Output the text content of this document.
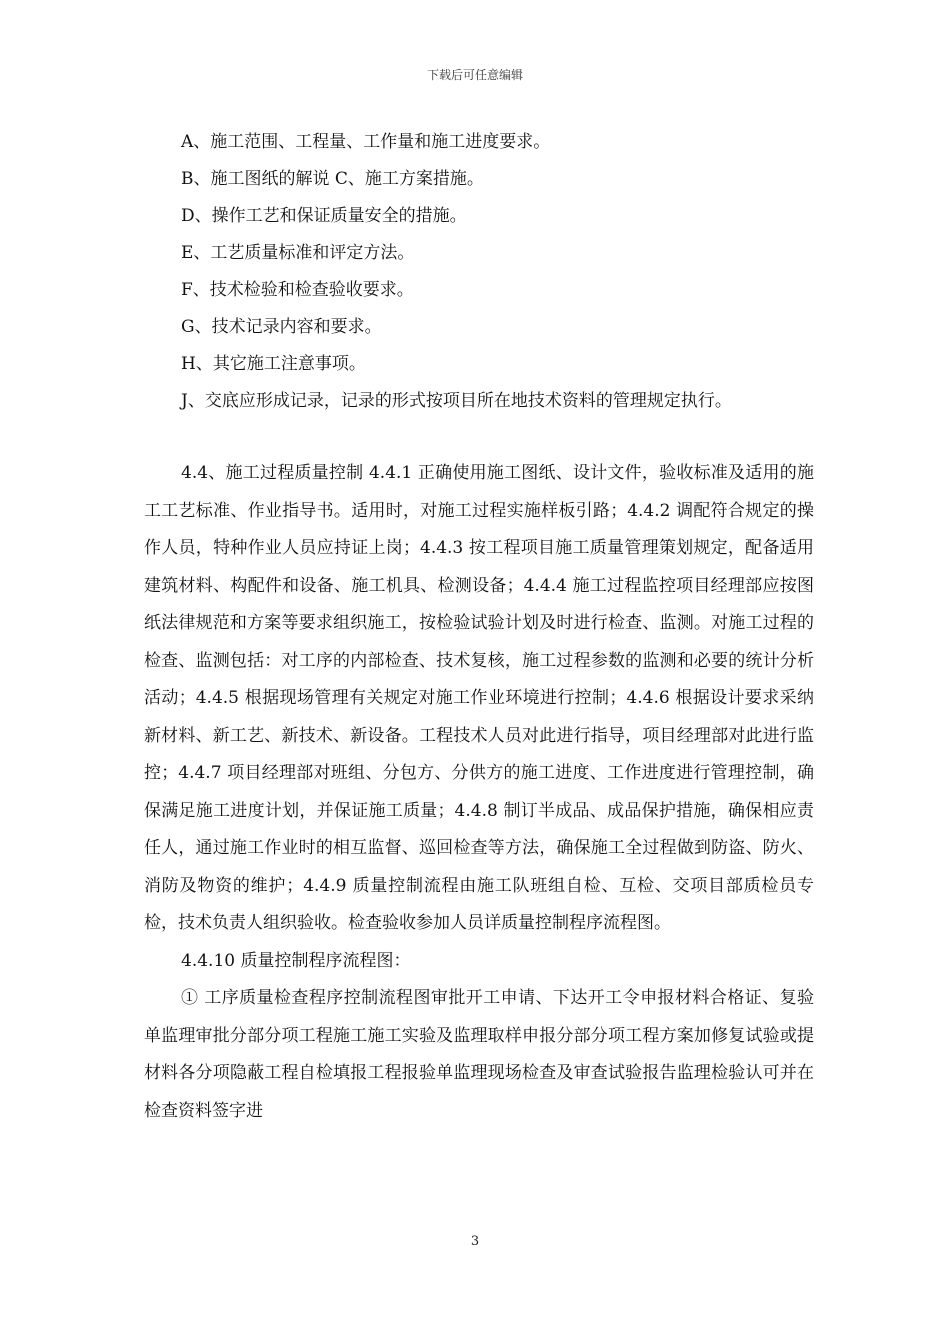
下载后可任意编辑

A、施工范围、工程量、工作量和施工进度要求。

B、施工图纸的解说 C、施工方案措施。

D、操作工艺和保证质量安全的措施。

E、工艺质量标准和评定方法。

F、技术检验和检查验收要求。

G、技术记录内容和要求。

H、其它施工注意事项。

J、交底应形成记录，记录的形式按项目所在地技术资料的管理规定执行。

4.4、施工过程质量控制 4.4.1 正确使用施工图纸、设计文件，验收标准及适用的施工工艺标准、作业指导书。适用时，对施工过程实施样板引路；4.4.2 调配符合规定的操作人员，特种作业人员应持证上岗；4.4.3 按工程项目施工质量管理策划规定，配备适用建筑材料、构配件和设备、施工机具、检测设备；4.4.4 施工过程监控项目经理部应按图纸法律规范和方案等要求组织施工，按检验试验计划及时进行检查、监测。对施工过程的检查、监测包括：对工序的内部检查、技术复核，施工过程参数的监测和必要的统计分析活动；4.4.5 根据现场管理有关规定对施工作业环境进行控制；4.4.6 根据设计要求采纳新材料、新工艺、新技术、新设备。工程技术人员对此进行指导，项目经理部对此进行监控；4.4.7 项目经理部对班组、分包方、分供方的施工进度、工作进度进行管理控制，确保满足施工进度计划，并保证施工质量；4.4.8 制订半成品、成品保护措施，确保相应责任人，通过施工作业时的相互监督、巡回检查等方法，确保施工全过程做到防盗、防火、消防及物资的维护；4.4.9 质量控制流程由施工队班组自检、互检、交项目部质检员专检，技术负责人组织验收。检查验收参加人员详质量控制程序流程图。

4.4.10 质量控制程序流程图：

① 工序质量检查程序控制流程图审批开工申请、下达开工令申报材料合格证、复验单监理审批分部分项工程施工施工实验及监理取样申报分部分项工程方案加修复试验或提材料各分项隐蔽工程自检填报工程报验单监理现场检查及审查试验报告监理检验认可并在检查资料签字进

3
